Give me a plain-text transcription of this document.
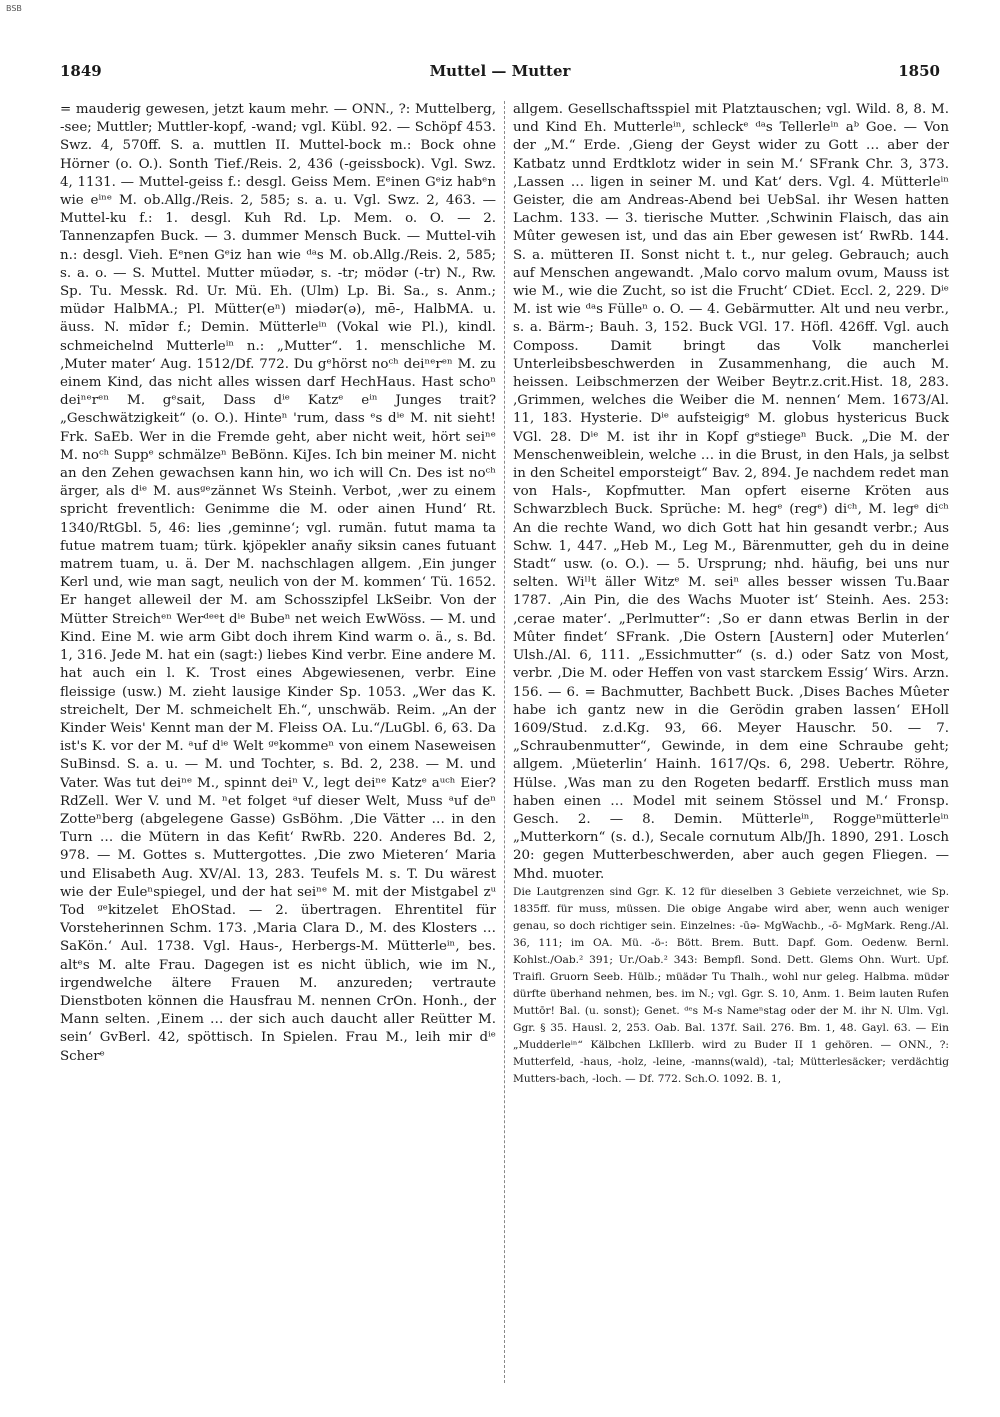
BSB
1849	Muttel — Mutter	1850

= mauderig gewesen, jetzt kaum mehr. — ONN., ?: Muttelberg, -see; Muttler; Muttler-kopf, -wand; vgl. Kübl. 92. — Schöpf 453. Swz. 4, 570ff. S. a. muttlen II. Muttel-bock m.: Bock ohne Hörner (o. O.). Sonth Tief./Reis. 2, 436 (-geissbock). Vgl. Swz. 4, 1131. — Muttel-geiss f.: desgl. Geiss Mem. Eᵉinen Gᵉiz habᵉn wie eⁱⁿᵉ M. ob.Allg./Reis. 2, 585; s. a. u. Vgl. Swz. 2, 463. — Muttel-ku f.: 1. desgl. Kuh Rd. Lp. Mem. o. O. — 2. Tannenzapfen Buck. — 3. dummer Mensch Buck. — Muttel-vih n.: desgl. Vieh. Eᵉnen Gᵉiz han wie ᵈᵃs M. ob.Allg./Reis. 2, 585; s. a. o. — S. Muttel. Mutter müədər, s. -tr; mödər (-tr) N., Rw. Sp. Tu. Messk. Rd. Ur. Mü. Eh. (Ulm) Lp. Bi. Sa., s. Anm.; müdər HalbMA.; Pl. Mütter(eⁿ) miədər(ə), mē-, HalbMA. u. äuss. N. mīdər f.; Demin. Mütterleⁱⁿ (Vokal wie Pl.), kindl. schmeichelnd Mutterleⁱⁿ n.: „Mutter“. 1. menschliche M. ‚Muter mater‘ Aug. 1512/Df. 772. Du gᵉhörst noᶜʰ deiⁿᵉrᵉⁿ M. zu einem Kind, das nicht alles wissen darf HechHaus. Hast schoⁿ deiⁿᵉrᵉⁿ M. gᵉsait, Dass dⁱᵉ Katzᵉ eⁱⁿ Junges trait? „Geschwätzigkeit“ (o. O.). Hinteⁿ 'rum, dass ᵉs dⁱᵉ M. nit sieht! Frk. SaEb. Wer in die Fremde geht, aber nicht weit, hört seiⁿᵉ M. noᶜʰ Suppᵉ schmälzeⁿ BeBönn. KiJes. Ich bin meiner M. nicht an den Zehen gewachsen kann hin, wo ich will Cn. Des ist noᶜʰ ärger, als dⁱᵉ M. ausᵍᵉzännet Ws Steinh. Verbot, ‚wer zu einem spricht freventlich: Genimme die M. oder ainen Hund‘ Rt. 1340/RtGbl. 5, 46: lies ‚geminne‘; vgl. rumän. futut mama ta futue matrem tuam; türk. kjöpekler anañy siksin canes futuant matrem tuam, u. ä. Der M. nachschlagen allgem. ‚Ein junger Kerl und, wie man sagt, neulich von der M. kommen‘ Tü. 1652. Er hanget alleweil der M. am Schosszipfel LkSeibr. Von der Mütter Streichᵉⁿ Werᵈᵉᵉt dⁱᵉ Bubeⁿ net weich EwWöss. — M. und Kind. Eine M. wie arm Gibt doch ihrem Kind warm o. ä., s. Bd. 1, 316. Jede M. hat ein (sagt:) liebes Kind verbr. Eine andere M. hat auch ein l. K. Trost eines Abgewiesenen, verbr. Eine fleissige (usw.) M. zieht lausige Kinder Sp. 1053. „Wer das K. streichelt, Der M. schmeichelt Eh.“, unschwäb. Reim. „An der Kinder Weis' Kennt man der M. Fleiss OA. Lu.“/LuGbl. 6, 63. Da ist's K. vor der M. ᵃuf dⁱᵉ Welt ᵍᵉkommeⁿ von einem Naseweisen SuBinsd. S. a. u. — M. und Tochter, s. Bd. 2, 238. — M. und Vater. Was tut deiⁿᵉ M., spinnt deiⁿ V., legt deiⁿᵉ Katzᵉ aᵘᶜʰ Eier? RdZell. Wer V. und M. ⁿet folget ᵃuf dieser Welt, Muss ᵃuf deⁿ Zotteⁿberg (abgelegene Gasse) GsBöhm. ‚Die Vätter … in den Turn … die Mütern in das Kefit‘ RwRb. 220. Anderes Bd. 2, 978. — M. Gottes s. Muttergottes. ‚Die zwo Mieteren‘ Maria und Elisabeth Aug. XV/Al. 13, 283. Teufels M. s. T. Du wärest wie der Euleⁿspiegel, und der hat seiⁿᵉ M. mit der Mistgabel zᵘ Tod ᵍᵉkitzelet EhOStad. — 2. übertragen. Ehrentitel für Vorsteherinnen Schm. 173. ‚Maria Clara D., M. des Klosters … SaKön.‘ Aul. 1738. Vgl. Haus-, Herbergs-M. Mütterleⁱⁿ, bes. altᵉs M. alte Frau. Dagegen ist es nicht üblich, wie im N., irgendwelche ältere Frauen M. anzureden; vertraute Dienstboten können die Hausfrau M. nennen CrOn. Honh., der Mann selten. ‚Einem … der sich auch daucht aller Reütter M. sein‘ GvBerl. 42, spöttisch. In Spielen. Frau M., leih mir dⁱᵉ Scherᵉ

allgem. Gesellschaftsspiel mit Platztauschen; vgl. Wild. 8, 8. M. und Kind Eh. Mutterleⁱⁿ, schleckᵉ ᵈᵃs Tellerleⁱⁿ aᵇ Goe. — Von der „M.“ Erde. ‚Gieng der Geyst wider zu Gott … aber der Katbatz unnd Erdtklotz wider in sein M.‘ SFrank Chr. 3, 373. ‚Lassen … ligen in seiner M. und Kat‘ ders. Vgl. 4. Mütterleⁱⁿ Geister, die am Andreas-Abend bei UebSal. ihr Wesen hatten Lachm. 133. — 3. tierische Mutter. ‚Schwinin Flaisch, das ain Mûter gewesen ist, und das ain Eber gewesen ist‘ RwRb. 144. S. a. mütteren II. Sonst nicht t. t., nur geleg. Gebrauch; auch auf Menschen angewandt. ‚Malo corvo malum ovum, Mauss ist wie M., wie die Zucht, so ist die Frucht‘ CDiet. Eccl. 2, 229. Dⁱᵉ M. ist wie ᵈᵃs Fülleⁿ o. O. — 4. Gebärmutter. Alt und neu verbr., s. a. Bärm-; Bauh. 3, 152. Buck VGl. 17. Höfl. 426ff. Vgl. auch Composs. Damit bringt das Volk mancherlei Unterleibsbeschwerden in Zusammenhang, die auch M. heissen. Leibschmerzen der Weiber Beytr.z.crit.Hist. 18, 283. ‚Grimmen, welches die Weiber die M. nennen‘ Mem. 1673/Al. 11, 183. Hysterie. Dⁱᵉ aufsteigigᵉ M. globus hystericus Buck VGl. 28. Dⁱᵉ M. ist ihr in Kopf gᵉstiegeⁿ Buck. „Die M. der Menschenweiblein, welche … in die Brust, in den Hals, ja selbst in den Scheitel emporsteigt“ Bav. 2, 894. Je nachdem redet man von Hals-, Kopfmutter. Man opfert eiserne Kröten aus Schwarzblech Buck. Sprüche: M. hegᵉ (regᵉ) diᶜʰ, M. legᵉ diᶜʰ An die rechte Wand, wo dich Gott hat hin gesandt verbr.; Aus Schw. 1, 447. „Heb M., Leg M., Bärenmutter, geh du in deine Stadt“ usw. (o. O.). — 5. Ursprung; nhd. häufig, bei uns nur selten. Wiˡˡt äller Witzᵉ M. seiⁿ alles besser wissen Tu.Baar 1787. ‚Ain Pin, die des Wachs Muoter ist‘ Steinh. Aes. 253: ‚cerae mater‘. „Perlmutter“: ‚So er dann etwas Berlin in der Mûter findet‘ SFrank. ‚Die Ostern [Austern] oder Muterlen‘ Ulsh./Al. 6, 111. „Essichmutter“ (s. d.) oder Satz von Most, verbr. ‚Die M. oder Heffen von vast starckem Essig‘ Wirs. Arzn. 156. — 6. = Bachmutter, Bachbett Buck. ‚Dises Baches Mûeter habe ich gantz new in die Gerödin graben lassen‘ EHoll 1609/Stud. z.d.Kg. 93, 66. Meyer Hauschr. 50. — 7. „Schraubenmutter“, Gewinde, in dem eine Schraube geht; allgem. ‚Müeterlin‘ Hainh. 1617/Qs. 6, 298. Uebertr. Röhre, Hülse. ‚Was man zu den Rogeten bedarff. Erstlich muss man haben einen … Model mit seinem Stössel und M.‘ Fronsp. Gesch. 2. — 8. Demin. Mütterleⁱⁿ, Roggeⁿmütterleⁱⁿ „Mutterkorn“ (s. d.), Secale cornutum Alb/Jh. 1890, 291. Losch 20: gegen Mutterbeschwerden, aber auch gegen Fliegen. — Mhd. muoter.

Die Lautgrenzen sind Ggr. K. 12 für dieselben 3 Gebiete verzeichnet, wie Sp. 1835ff. für muss, müssen. Die obige Angabe wird aber, wenn auch weniger genau, so doch richtiger sein. Einzelnes: -ūə- MgWachb., -ō- MgMark. Reng./Al. 36, 111; im OA. Mü. -ö-: Bött. Brem. Butt. Dapf. Gom. Oedenw. Bernl. Kohlst./Oab.² 391; Ur./Oab.² 343: Bempfl. Sond. Dett. Glems Ohn. Wurt. Upf. Traifl. Gruorn Seeb. Hülb.; müädər Tu Thalh., wohl nur geleg. Halbma. müdər dürfte überhand nehmen, bes. im N.; vgl. Ggr. S. 10, Anm. 1. Beim lauten Rufen Muttōr! Bal. (u. sonst); Genet. ᵈᵉs M-s Nameⁿstag oder der M. ihr N. Ulm. Vgl. Ggr. § 35. Hausl. 2, 253. Oab. Bal. 137f. Sail. 276. Bm. 1, 48. Gayl. 63. — Ein „Mudderleⁱⁿ“ Kälbchen LkIllerb. wird zu Buder II 1 gehören. — ONN., ?: Mutterfeld, -haus, -holz, -leine, -manns(wald), -tal; Mütterlesäcker; verdächtig Mutters-bach, -loch. — Df. 772. Sch.O. 1092. B. 1,
